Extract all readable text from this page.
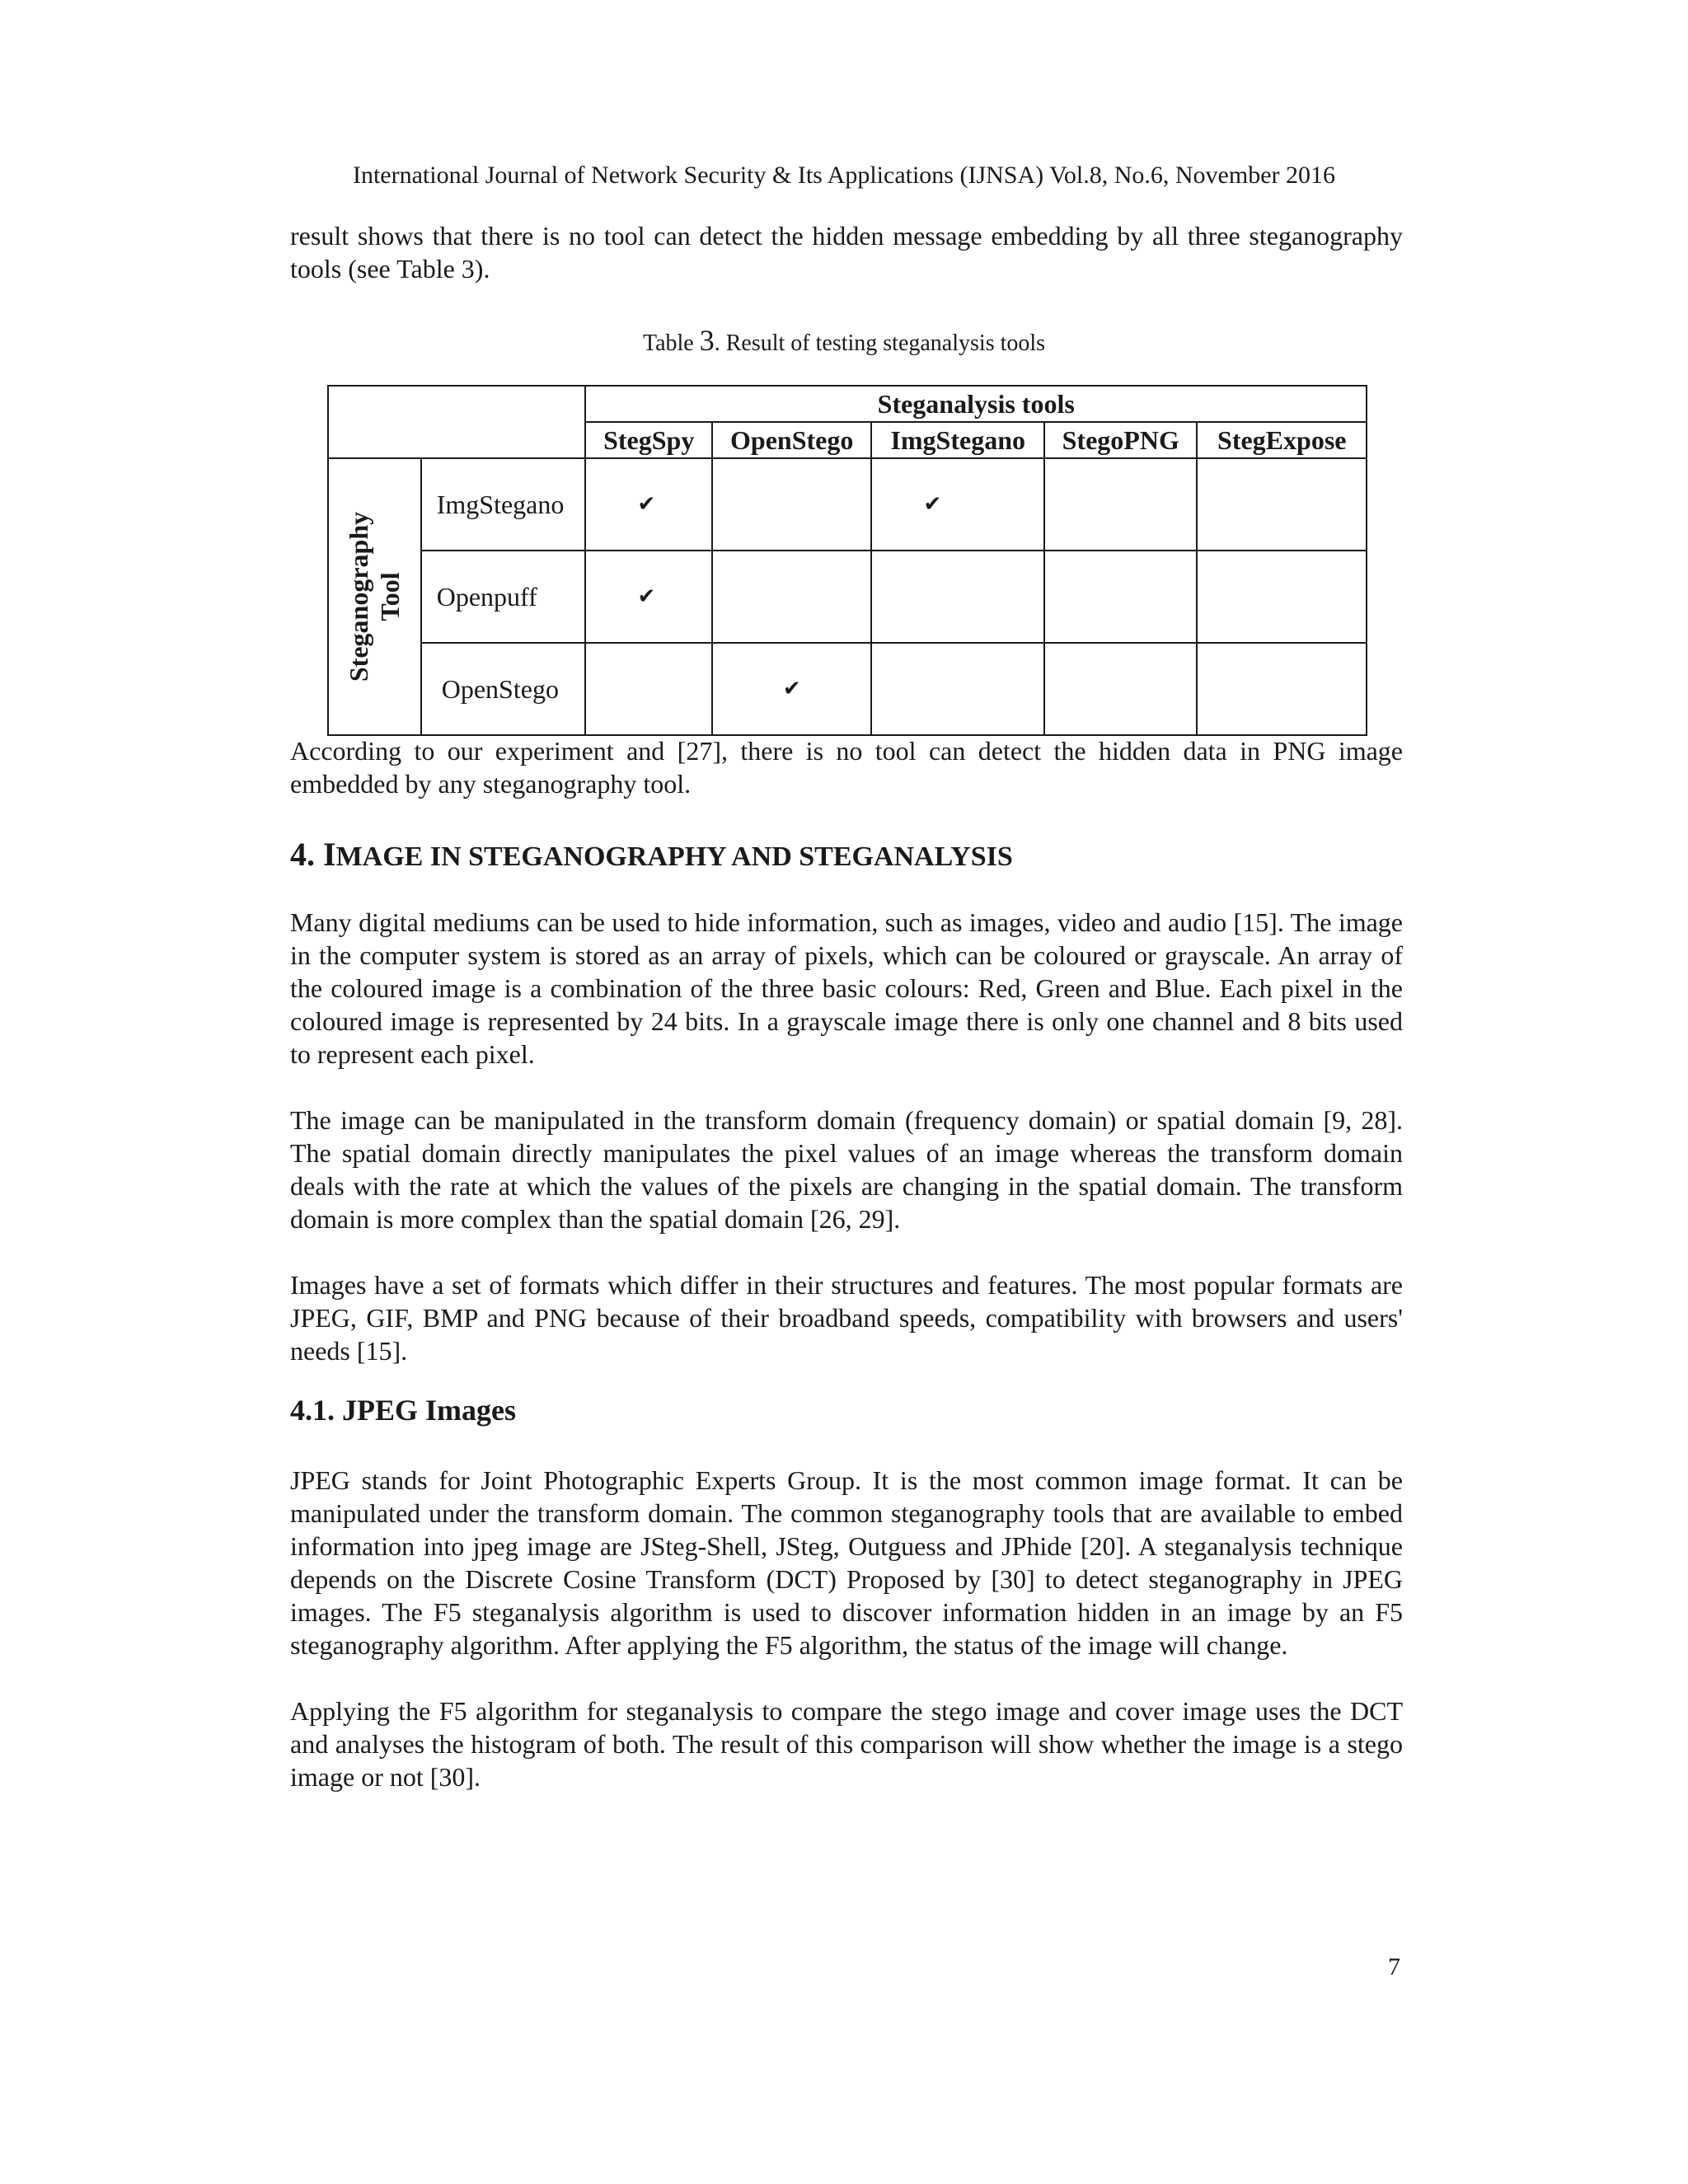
International Journal of Network Security & Its Applications (IJNSA) Vol.8, No.6, November 2016

result shows that there is no tool can detect the hidden message embedding by all three steganography tools (see Table 3).

Table 3. Result of testing steganalysis tools
		Steganalysis tools				
		StegSpy	OpenStego	ImgStegano	StegoPNG	StegExpose

Steganography
Tool	ImgStegano	✔		✔		
	Openpuff	✔				
	OpenStego		✔			

According to our experiment and [27], there is no tool can detect the hidden data in PNG image embedded by any steganography tool.

4. IMAGE IN STEGANOGRAPHY AND STEGANALYSIS

Many digital mediums can be used to hide information, such as images, video and audio [15]. The image in the computer system is stored as an array of pixels, which can be coloured or grayscale. An array of the coloured image is a combination of the three basic colours: Red, Green and Blue. Each pixel in the coloured image is represented by 24 bits. In a grayscale image there is only one channel and 8 bits used to represent each pixel.

The image can be manipulated in the transform domain (frequency domain) or spatial domain [9, 28]. The spatial domain directly manipulates the pixel values of an image whereas the transform domain deals with the rate at which the values of the pixels are changing in the spatial domain. The transform domain is more complex than the spatial domain [26, 29].

Images have a set of formats which differ in their structures and features. The most popular formats are JPEG, GIF, BMP and PNG because of their broadband speeds, compatibility with browsers and users' needs [15].

4.1. JPEG Images

JPEG stands for Joint Photographic Experts Group. It is the most common image format. It can be manipulated under the transform domain. The common steganography tools that are available to embed information into jpeg image are JSteg-Shell, JSteg, Outguess and JPhide [20]. A steganalysis technique depends on the Discrete Cosine Transform (DCT) Proposed by [30] to detect steganography in JPEG images. The F5 steganalysis algorithm is used to discover information hidden in an image by an F5 steganography algorithm. After applying the F5 algorithm, the status of the image will change.

Applying the F5 algorithm for steganalysis to compare the stego image and cover image uses the DCT and analyses the histogram of both. The result of this comparison will show whether the image is a stego image or not [30].

7
